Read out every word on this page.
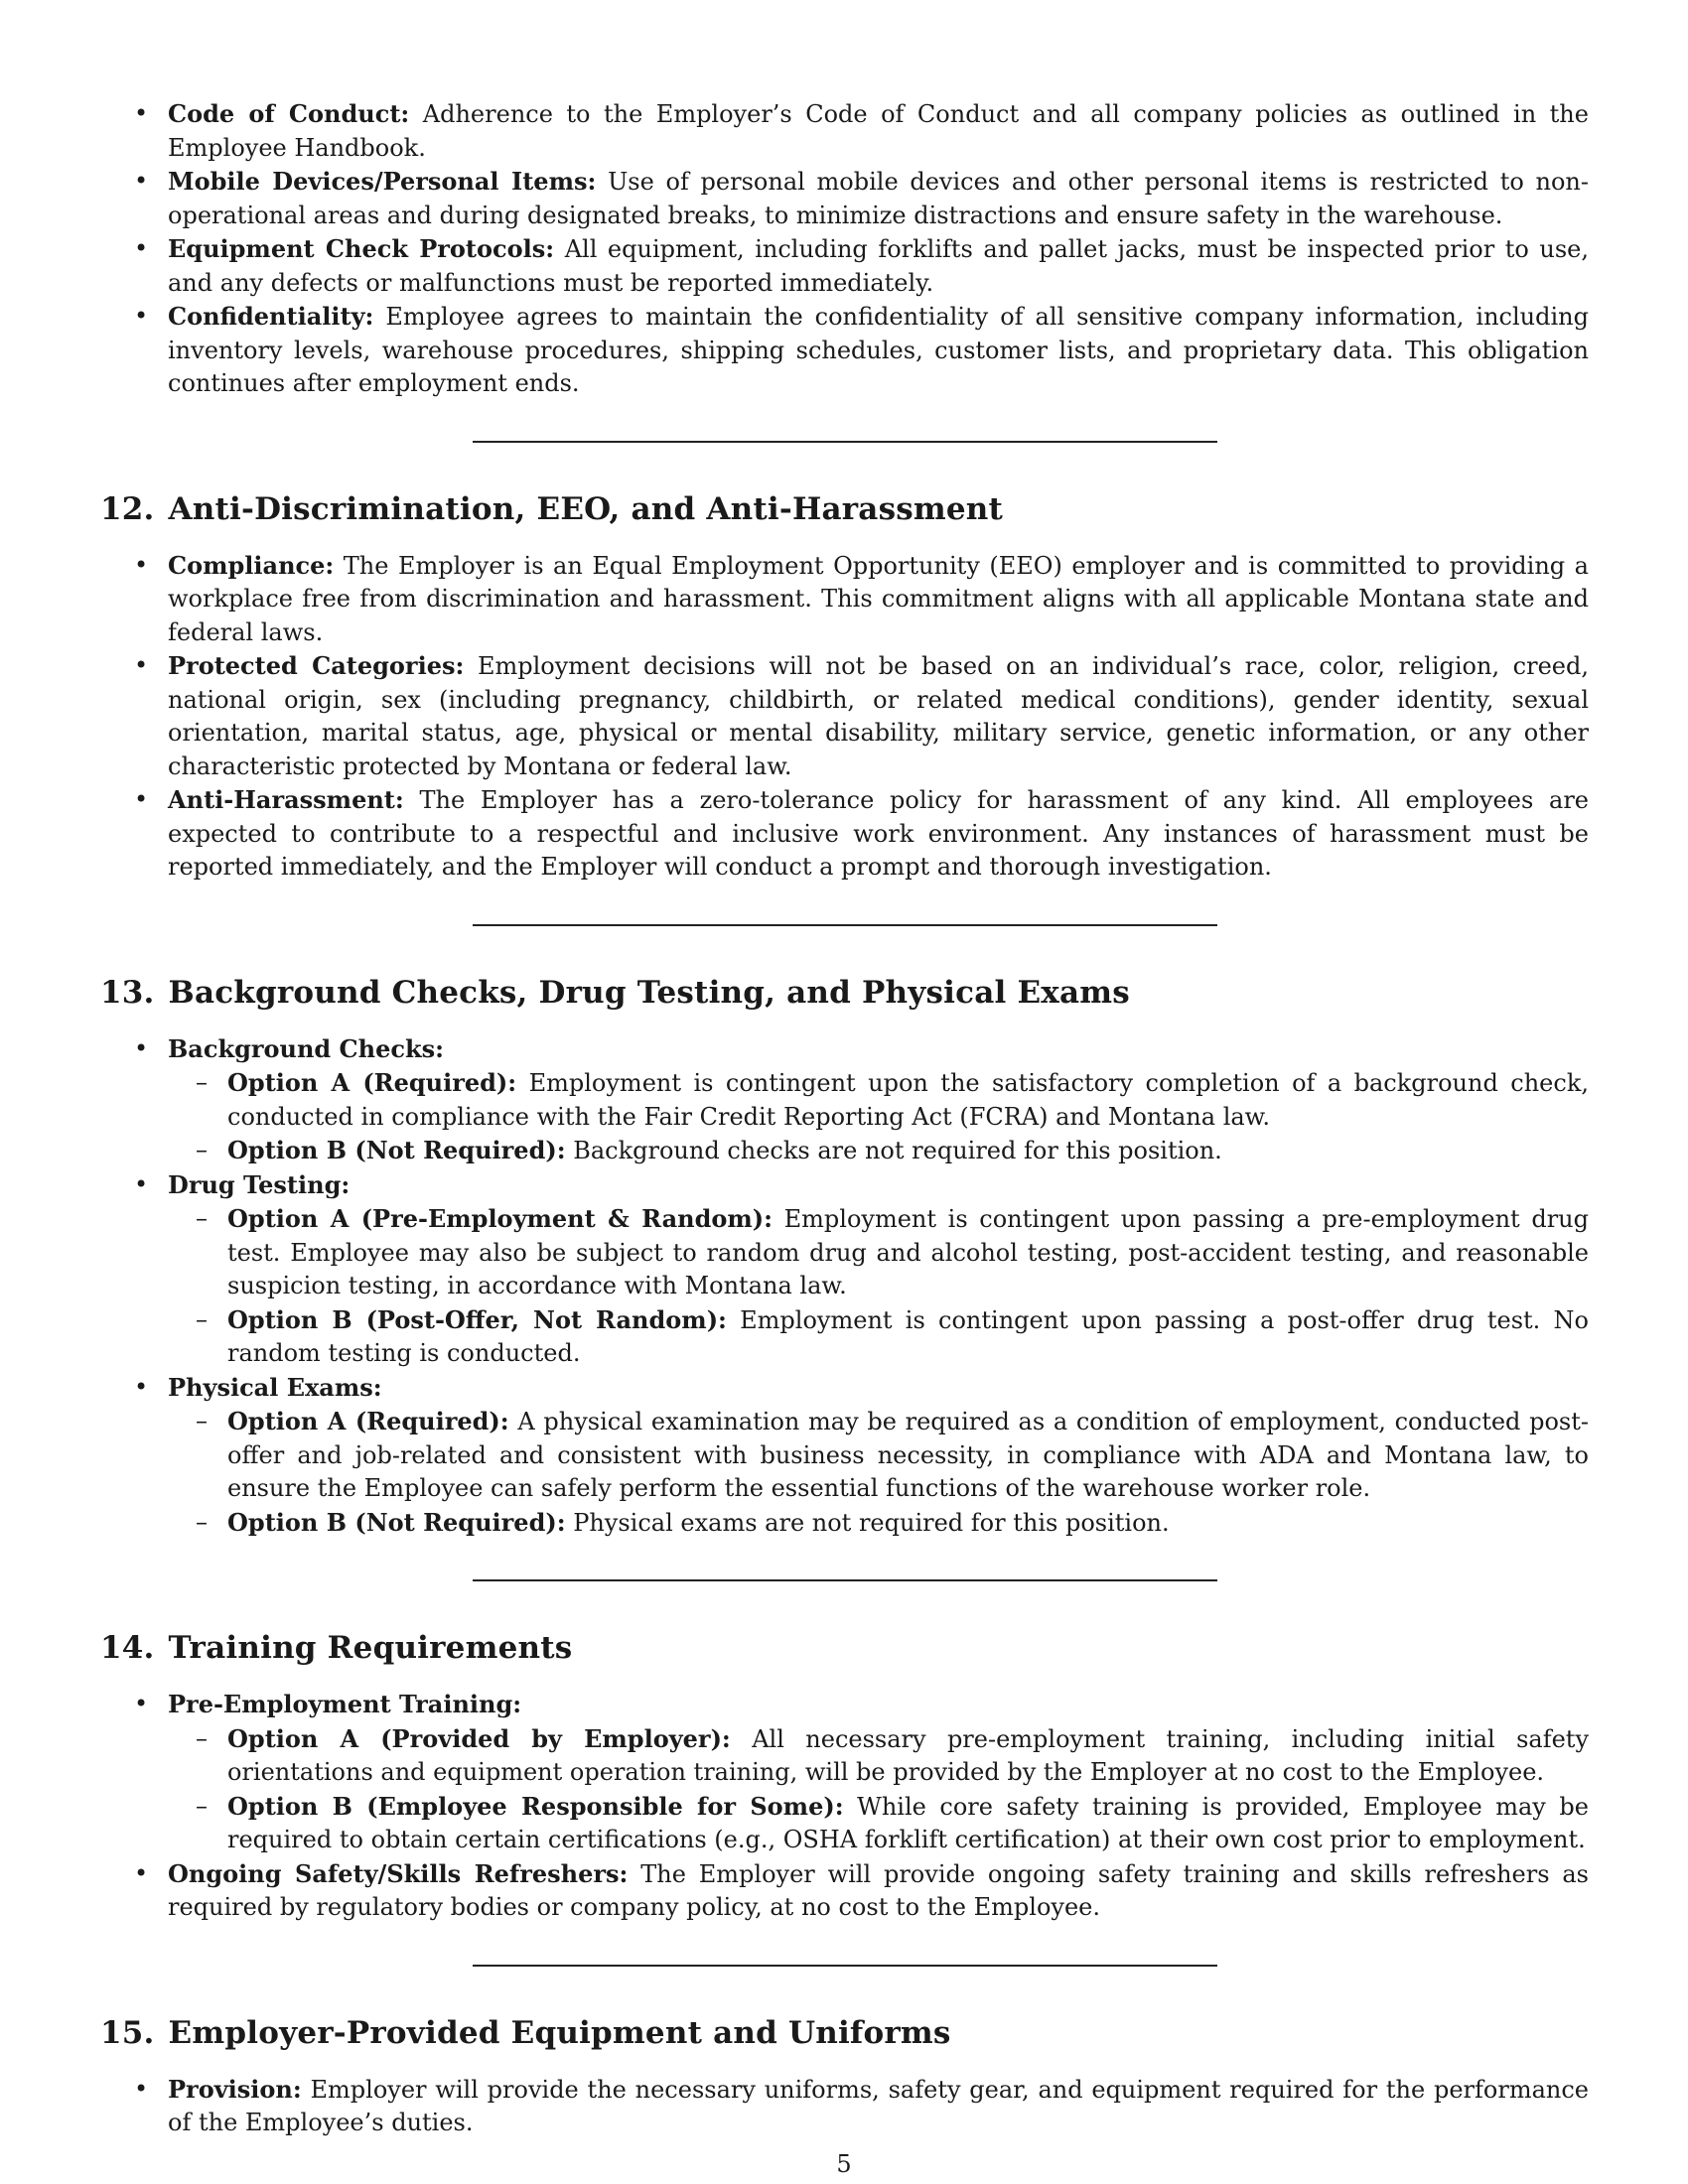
• Code of Conduct: Adherence to the Employer’s Code of Conduct and all company policies as outlined in the Employee Handbook.
• Mobile Devices/Personal Items: Use of personal mobile devices and other personal items is restricted to non-operational areas and during designated breaks, to minimize distractions and ensure safety in the warehouse.
• Equipment Check Protocols: All equipment, including forklifts and pallet jacks, must be inspected prior to use, and any defects or malfunctions must be reported immediately.
• Confidentiality: Employee agrees to maintain the confidentiality of all sensitive company information, including inventory levels, warehouse procedures, shipping schedules, customer lists, and proprietary data. This obligation continues after employment ends.
12. Anti-Discrimination, EEO, and Anti-Harassment
• Compliance: The Employer is an Equal Employment Opportunity (EEO) employer and is committed to providing a workplace free from discrimination and harassment. This commitment aligns with all applicable Montana state and federal laws.
• Protected Categories: Employment decisions will not be based on an individual’s race, color, religion, creed, national origin, sex (including pregnancy, childbirth, or related medical conditions), gender identity, sexual orientation, marital status, age, physical or mental disability, military service, genetic information, or any other characteristic protected by Montana or federal law.
• Anti-Harassment: The Employer has a zero-tolerance policy for harassment of any kind. All employees are expected to contribute to a respectful and inclusive work environment. Any instances of harassment must be reported immediately, and the Employer will conduct a prompt and thorough investigation.
13. Background Checks, Drug Testing, and Physical Exams
• Background Checks:
– Option A (Required): Employment is contingent upon the satisfactory completion of a background check, conducted in compliance with the Fair Credit Reporting Act (FCRA) and Montana law.
– Option B (Not Required): Background checks are not required for this position.
• Drug Testing:
– Option A (Pre-Employment & Random): Employment is contingent upon passing a pre-employment drug test. Employee may also be subject to random drug and alcohol testing, post-accident testing, and reasonable suspicion testing, in accordance with Montana law.
– Option B (Post-Offer, Not Random): Employment is contingent upon passing a post-offer drug test. No random testing is conducted.
• Physical Exams:
– Option A (Required): A physical examination may be required as a condition of employment, conducted post-offer and job-related and consistent with business necessity, in compliance with ADA and Montana law, to ensure the Employee can safely perform the essential functions of the warehouse worker role.
– Option B (Not Required): Physical exams are not required for this position.
14. Training Requirements
• Pre-Employment Training:
– Option A (Provided by Employer): All necessary pre-employment training, including initial safety orientations and equipment operation training, will be provided by the Employer at no cost to the Employee.
– Option B (Employee Responsible for Some): While core safety training is provided, Employee may be required to obtain certain certifications (e.g., OSHA forklift certification) at their own cost prior to employment.
• Ongoing Safety/Skills Refreshers: The Employer will provide ongoing safety training and skills refreshers as required by regulatory bodies or company policy, at no cost to the Employee.
15. Employer-Provided Equipment and Uniforms
• Provision: Employer will provide the necessary uniforms, safety gear, and equipment required for the performance of the Employee’s duties.
5
